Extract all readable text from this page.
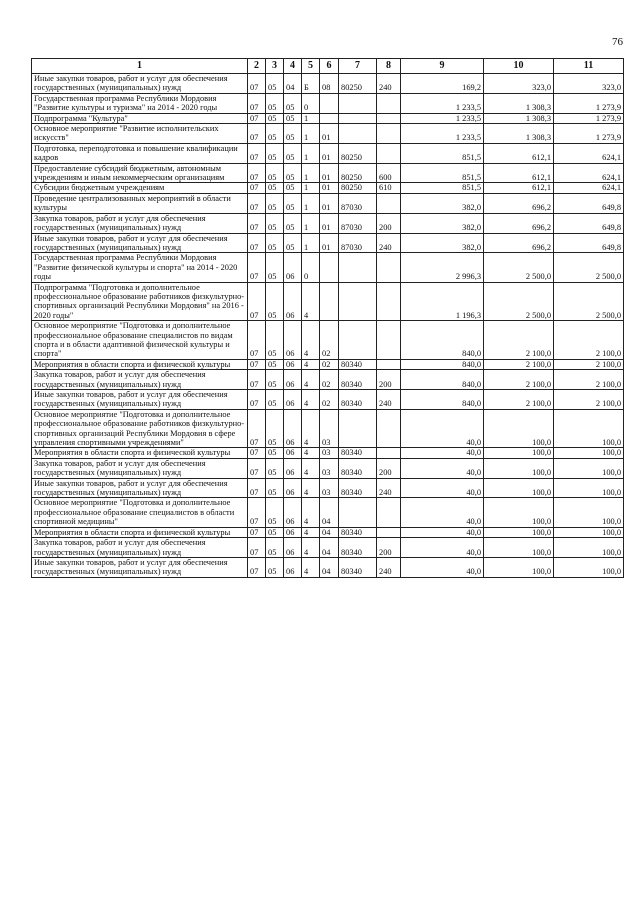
76
1	2	3	4	5	6	7	8	9	10	11
Иные закупки товаров, работ и услуг для обеспечения государственных (муниципальных) нужд	07	05	04	Б	08	80250	240	169,2	323,0	323,0
Государственная программа Республики Мордовия "Развитие культуры и туризма" на 2014 - 2020 годы	07	05	05	0				1 233,5	1 308,3	1 273,9
Подпрограмма "Культура"	07	05	05	1				1 233,5	1 308,3	1 273,9
Основное мероприятие "Развитие исполнительских искусств"	07	05	05	1	01			1 233,5	1 308,3	1 273,9
Подготовка, переподготовка и повышение квалификации кадров	07	05	05	1	01	80250		851,5	612,1	624,1
Предоставление субсидий бюджетным, автономным учреждениям и иным некоммерческим организациям	07	05	05	1	01	80250	600	851,5	612,1	624,1
Субсидии бюджетным учреждениям	07	05	05	1	01	80250	610	851,5	612,1	624,1
Проведение централизованных мероприятий в области культуры	07	05	05	1	01	87030		382,0	696,2	649,8
Закупка товаров, работ и услуг для обеспечения государственных (муниципальных) нужд	07	05	05	1	01	87030	200	382,0	696,2	649,8
Иные закупки товаров, работ и услуг для обеспечения государственных (муниципальных) нужд	07	05	05	1	01	87030	240	382,0	696,2	649,8
Государственная программа Республики Мордовия "Развитие физической культуры и спорта" на 2014 - 2020 годы	07	05	06	0				2 996,3	2 500,0	2 500,0
Подпрограмма "Подготовка и дополнительное профессиональное образование работников физкультурно-спортивных организаций Республики Мордовия" на 2016 - 2020 годы"	07	05	06	4				1 196,3	2 500,0	2 500,0
Основное мероприятие "Подготовка и дополнительное профессиональное образование специалистов по видам спорта и в области адаптивной физической культуры и спорта"	07	05	06	4	02			840,0	2 100,0	2 100,0
Мероприятия в области спорта и физической культуры	07	05	06	4	02	80340		840,0	2 100,0	2 100,0
Закупка товаров, работ и услуг для обеспечения государственных (муниципальных) нужд	07	05	06	4	02	80340	200	840,0	2 100,0	2 100,0
Иные закупки товаров, работ и услуг для обеспечения государственных (муниципальных) нужд	07	05	06	4	02	80340	240	840,0	2 100,0	2 100,0
Основное мероприятие "Подготовка и дополнительное профессиональное образование работников физкультурно-спортивных организаций Республики Мордовия в сфере управления спортивными учреждениями"	07	05	06	4	03			40,0	100,0	100,0
Мероприятия в области спорта и физической культуры	07	05	06	4	03	80340		40,0	100,0	100,0
Закупка товаров, работ и услуг для обеспечения государственных (муниципальных) нужд	07	05	06	4	03	80340	200	40,0	100,0	100,0
Иные закупки товаров, работ и услуг для обеспечения государственных (муниципальных) нужд	07	05	06	4	03	80340	240	40,0	100,0	100,0
Основное мероприятие "Подготовка и дополнительное профессиональное образование специалистов в области спортивной медицины"	07	05	06	4	04			40,0	100,0	100,0
Мероприятия в области спорта и физической культуры	07	05	06	4	04	80340		40,0	100,0	100,0
Закупка товаров, работ и услуг для обеспечения государственных (муниципальных) нужд	07	05	06	4	04	80340	200	40,0	100,0	100,0
Иные закупки товаров, работ и услуг для обеспечения государственных (муниципальных) нужд	07	05	06	4	04	80340	240	40,0	100,0	100,0
